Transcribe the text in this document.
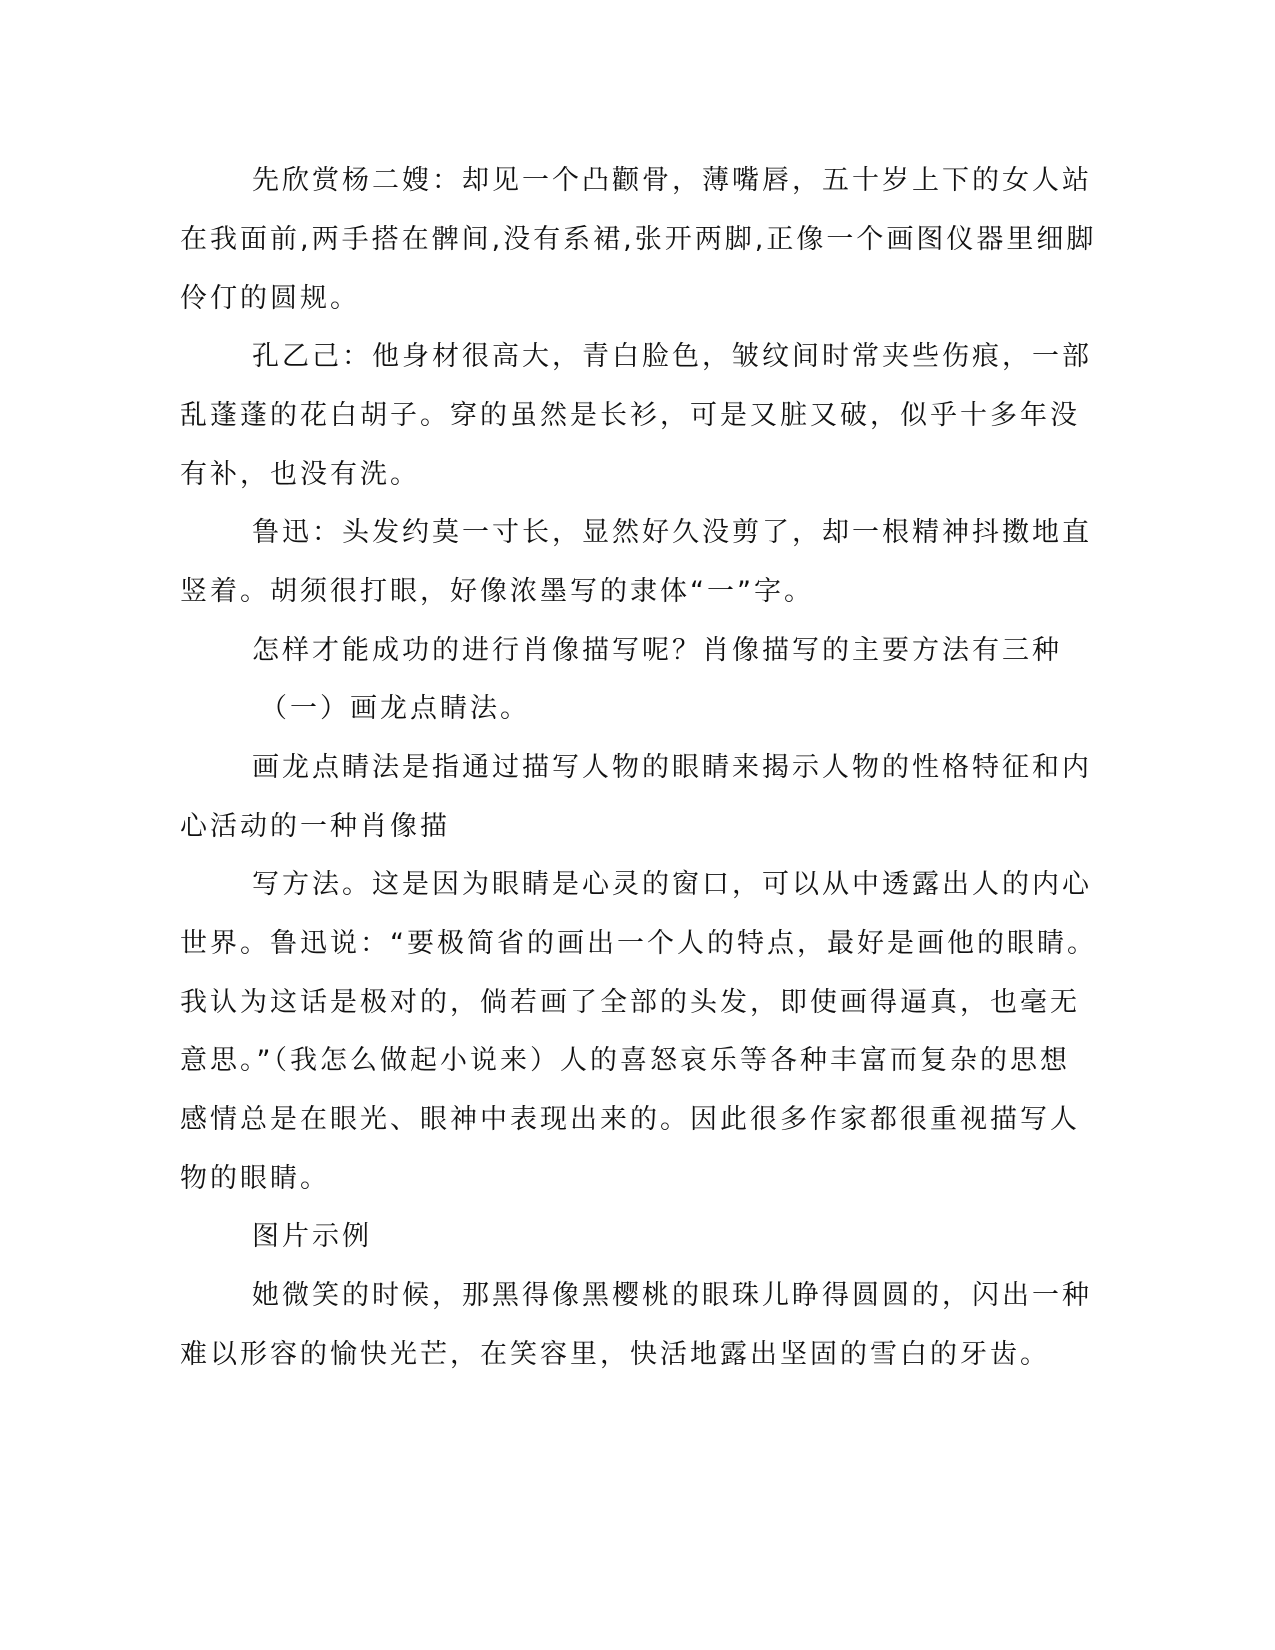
先欣赏杨二嫂：却见一个凸颧骨，薄嘴唇，五十岁上下的女人站

在我面前,两手搭在髀间,没有系裙,张开两脚,正像一个画图仪器里细脚

伶仃的圆规。

孔乙己：他身材很高大，青白脸色，皱纹间时常夹些伤痕，一部

乱蓬蓬的花白胡子。穿的虽然是长衫，可是又脏又破，似乎十多年没

有补，也没有洗。

鲁迅：头发约莫一寸长，显然好久没剪了，却一根精神抖擞地直

竖着。胡须很打眼，好像浓墨写的隶体“一”字。

怎样才能成功的进行肖像描写呢？肖像描写的主要方法有三种

（一）画龙点睛法。

画龙点睛法是指通过描写人物的眼睛来揭示人物的性格特征和内

心活动的一种肖像描

写方法。这是因为眼睛是心灵的窗口，可以从中透露出人的内心

世界。鲁迅说：“要极简省的画出一个人的特点，最好是画他的眼睛。

我认为这话是极对的，倘若画了全部的头发，即使画得逼真，也毫无

意思。”（我怎么做起小说来）人的喜怒哀乐等各种丰富而复杂的思想

感情总是在眼光、眼神中表现出来的。因此很多作家都很重视描写人

物的眼睛。

图片示例

她微笑的时候，那黑得像黑樱桃的眼珠儿睁得圆圆的，闪出一种

难以形容的愉快光芒，在笑容里，快活地露出坚固的雪白的牙齿。
